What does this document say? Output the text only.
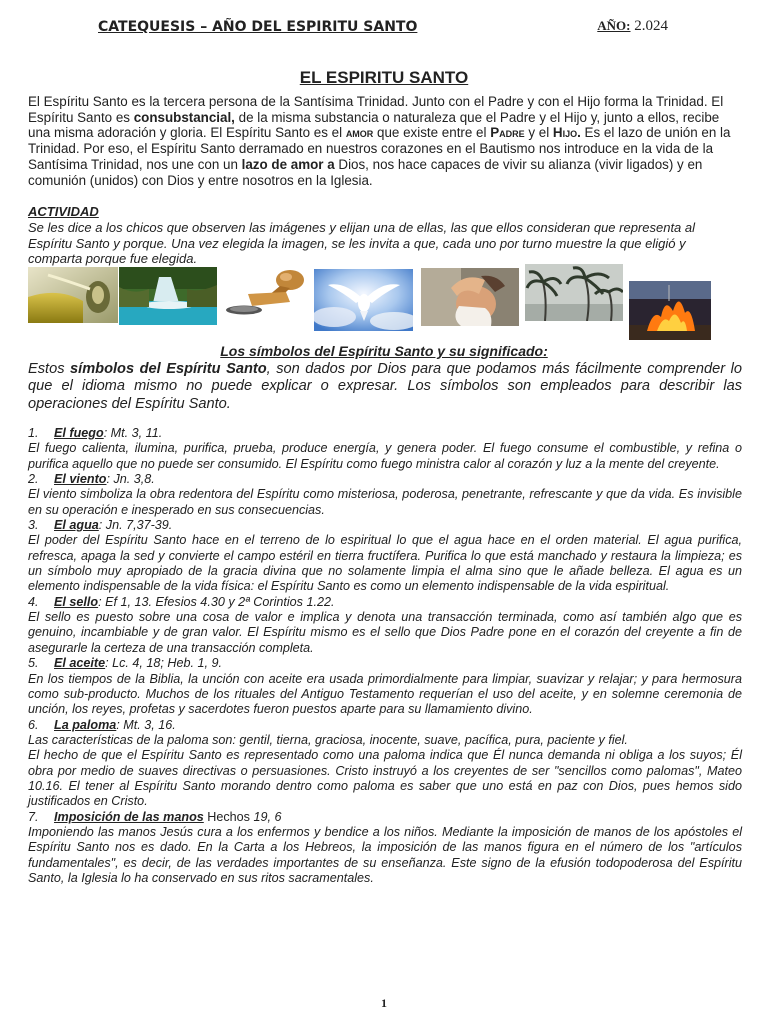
CATEQUESIS – AÑO DEL ESPIRITU SANTO	AÑO: 2.024
EL ESPIRITU SANTO
El Espíritu Santo es la tercera persona de la Santísima Trinidad. Junto con el Padre y con el Hijo forma la Trinidad. El Espíritu Santo es consubstancial, de la misma substancia o naturaleza que el Padre y el Hijo y, junto a ellos, recibe una misma adoración y gloria. El Espíritu Santo es el amor que existe entre el Padre y el Hijo. Es el lazo de unión en la Trinidad. Por eso, el Espíritu Santo derramado en nuestros corazones en el Bautismo nos introduce en la vida de la Santísima Trinidad, nos une con un lazo de amor a Dios, nos hace capaces de vivir su alianza (vivir ligados) y en comunión (unidos) con Dios y entre nosotros en la Iglesia.
ACTIVIDAD
Se les dice a los chicos que observen las imágenes y elijan una de ellas, las que ellos consideran que representa al Espíritu Santo y porque. Una vez elegida la imagen, se les invita a que, cada uno por turno muestre la que eligió y comparta porque fue elegida.
Los símbolos del Espíritu Santo y su significado:
Estos símbolos del Espíritu Santo, son dados por Dios para que podamos más fácilmente comprender lo que el idioma mismo no puede explicar o expresar. Los símbolos son empleados para describir las operaciones del Espíritu Santo.

1. El fuego: Mt. 3, 11.

El fuego calienta, ilumina, purifica, prueba, produce energía, y genera poder. El fuego consume el combustible, y refina o purifica aquello que no puede ser consumido. El Espíritu como fuego ministra calor al corazón y luz a la mente del creyente.

2. El viento: Jn. 3,8.

El viento simboliza la obra redentora del Espíritu como misteriosa, poderosa, penetrante, refrescante y que da vida. Es invisible en su operación e inesperado en sus consecuencias.

3. El agua: Jn. 7,37-39.

El poder del Espíritu Santo hace en el terreno de lo espiritual lo que el agua hace en el orden material. El agua purifica, refresca, apaga la sed y convierte el campo estéril en tierra fructífera. Purifica lo que está manchado y restaura la limpieza; es un símbolo muy apropiado de la gracia divina que no solamente limpia el alma sino que le añade belleza. El agua es un elemento indispensable de la vida física: el Espíritu Santo es como un elemento indispensable de la vida espiritual.

4. El sello: Ef 1, 13. Efesios 4.30 y 2ª Corintios 1.22.

El sello es puesto sobre una cosa de valor e implica y denota una transacción terminada, como así también algo que es genuino, incambiable y de gran valor. El Espíritu mismo es el sello que Dios Padre pone en el corazón del creyente a fin de asegurarle la certeza de una transacción completa.

5. El aceite: Lc. 4, 18; Heb. 1, 9.

En los tiempos de la Biblia, la unción con aceite era usada primordialmente para limpiar, suavizar y relajar; y para hermosura como sub-producto. Muchos de los rituales del Antiguo Testamento requerían el uso del aceite, y en solemne ceremonia de unción, los reyes, profetas y sacerdotes fueron puestos aparte para su llamamiento divino.

6. La paloma: Mt. 3, 16.

Las características de la paloma son: gentil, tierna, graciosa, inocente, suave, pacífica, pura, paciente y fiel.

El hecho de que el Espíritu Santo es representado como una paloma indica que Él nunca demanda ni obliga a los suyos; Él obra por medio de suaves directivas o persuasiones. Cristo instruyó a los creyentes de ser "sencillos como palomas", Mateo 10.16. El tener al Espíritu Santo morando dentro como paloma es saber que uno está en paz con Dios, pues hemos sido justificados en Cristo.

7. Imposición de las manos Hechos 19, 6

Imponiendo las manos Jesús cura a los enfermos y bendice a los niños. Mediante la imposición de manos de los apóstoles el Espíritu Santo nos es dado. En la Carta a los Hebreos, la imposición de las manos figura en el número de los "artículos fundamentales", es decir, de las verdades importantes de su enseñanza. Este signo de la efusión todopoderosa del Espíritu Santo, la Iglesia lo ha conservado en sus ritos sacramentales.

1
